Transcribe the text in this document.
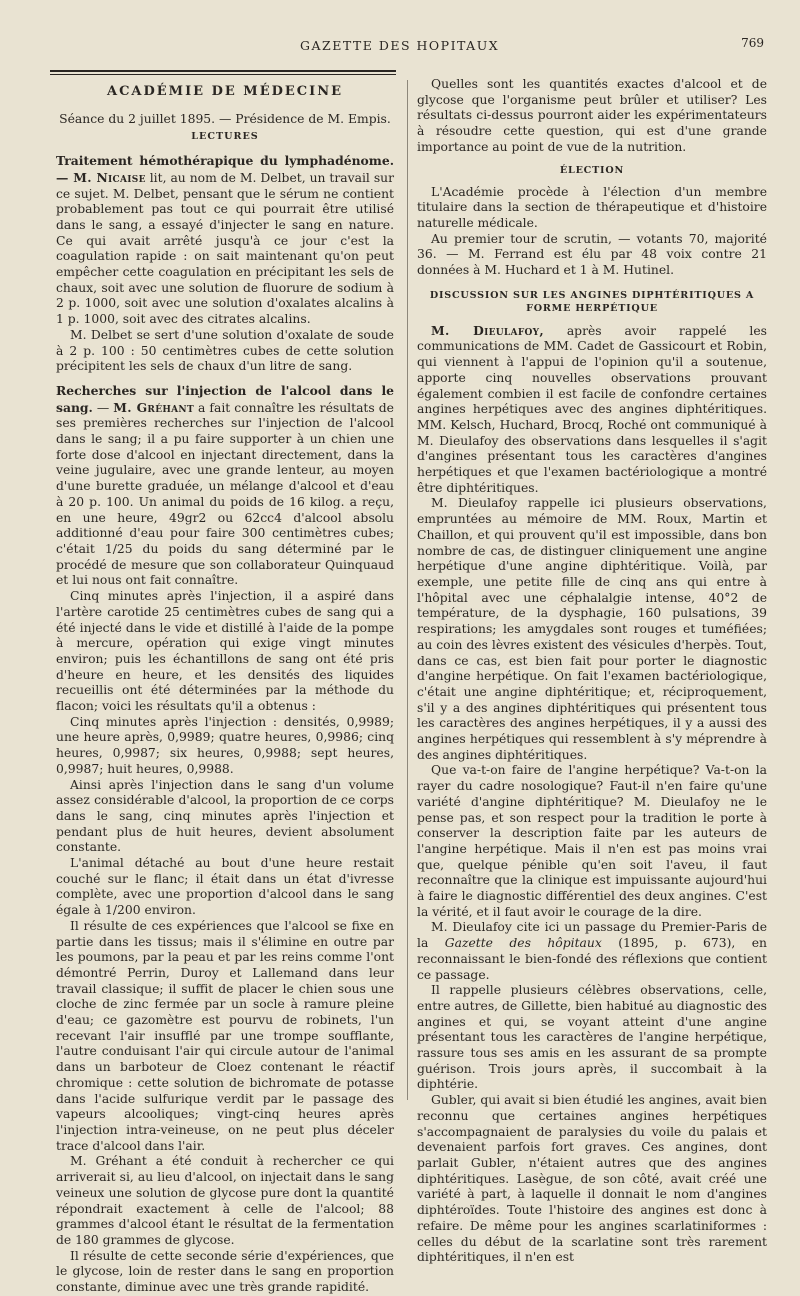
GAZETTE DES HOPITAUX	769
ACADÉMIE DE MÉDECINE
Séance du 2 juillet 1895. — Présidence de M. Empis.
LECTURES

Traitement hémothérapique du lymphadénome. — M. Nicaise lit, au nom de M. Delbet, un travail sur ce sujet. M. Delbet, pensant que le sérum ne contient probablement pas tout ce qui pourrait être utilisé dans le sang, a essayé d'injecter le sang en nature. Ce qui avait arrêté jusqu'à ce jour c'est la coagulation rapide : on sait maintenant qu'on peut empêcher cette coagulation en précipitant les sels de chaux, soit avec une solution de fluorure de sodium à 2 p. 1000, soit avec une solution d'oxalates alcalins à 1 p. 1000, soit avec des citrates alcalins.

M. Delbet se sert d'une solution d'oxalate de soude à 2 p. 100 : 50 centimètres cubes de cette solution précipitent les sels de chaux d'un litre de sang.

Recherches sur l'injection de l'alcool dans le sang. — M. Gréhant a fait connaître les résultats de ses premières recherches sur l'injection de l'alcool dans le sang; il a pu faire supporter à un chien une forte dose d'alcool en injectant directement, dans la veine jugulaire, avec une grande lenteur, au moyen d'une burette graduée, un mélange d'alcool et d'eau à 20 p. 100. Un animal du poids de 16 kilog. a reçu, en une heure, 49gr2 ou 62cc4 d'alcool absolu additionné d'eau pour faire 300 centimètres cubes; c'était 1/25 du poids du sang déterminé par le procédé de mesure que son collaborateur Quinquaud et lui nous ont fait connaître.

Cinq minutes après l'injection, il a aspiré dans l'artère carotide 25 centimètres cubes de sang qui a été injecté dans le vide et distillé à l'aide de la pompe à mercure, opération qui exige vingt minutes environ; puis les échantillons de sang ont été pris d'heure en heure, et les densités des liquides recueillis ont été déterminées par la méthode du flacon; voici les résultats qu'il a obtenus :

Cinq minutes après l'injection : densités, 0,9989; une heure après, 0,9989; quatre heures, 0,9986; cinq heures, 0,9987; six heures, 0,9988; sept heures, 0,9987; huit heures, 0,9988.

Ainsi après l'injection dans le sang d'un volume assez considérable d'alcool, la proportion de ce corps dans le sang, cinq minutes après l'injection et pendant plus de huit heures, devient absolument constante.

L'animal détaché au bout d'une heure restait couché sur le flanc; il était dans un état d'ivresse complète, avec une proportion d'alcool dans le sang égale à 1/200 environ.

Il résulte de ces expériences que l'alcool se fixe en partie dans les tissus; mais il s'élimine en outre par les poumons, par la peau et par les reins comme l'ont démontré Perrin, Duroy et Lallemand dans leur travail classique; il suffit de placer le chien sous une cloche de zinc fermée par un socle à ramure pleine d'eau; ce gazomètre est pourvu de robinets, l'un recevant l'air insufflé par une trompe soufflante, l'autre conduisant l'air qui circule autour de l'animal dans un barboteur de Cloez contenant le réactif chromique : cette solution de bichromate de potasse dans l'acide sulfurique verdit par le passage des vapeurs alcooliques; vingt-cinq heures après l'injection intra-veineuse, on ne peut plus déceler trace d'alcool dans l'air.

M. Gréhant a été conduit à rechercher ce qui arriverait si, au lieu d'alcool, on injectait dans le sang veineux une solution de glycose pure dont la quantité répondrait exactement à celle de l'alcool; 88 grammes d'alcool étant le résultat de la fermentation de 180 grammes de glycose.

Il résulte de cette seconde série d'expériences, que le glycose, loin de rester dans le sang en proportion constante, diminue avec une très grande rapidité.

Quelles sont les quantités exactes d'alcool et de glycose que l'organisme peut brûler et utiliser? Les résultats ci-dessus pourront aider les expérimentateurs à résoudre cette question, qui est d'une grande importance au point de vue de la nutrition.

ÉLECTION

L'Académie procède à l'élection d'un membre titulaire dans la section de thérapeutique et d'histoire naturelle médicale.

Au premier tour de scrutin, — votants 70, majorité 36. — M. Ferrand est élu par 48 voix contre 21 données à M. Huchard et 1 à M. Hutinel.

DISCUSSION SUR LES ANGINES DIPHTÉRITIQUES A FORME HERPÉTIQUE

M. Dieulafoy, après avoir rappelé les communications de MM. Cadet de Gassicourt et Robin, qui viennent à l'appui de l'opinion qu'il a soutenue, apporte cinq nouvelles observations prouvant également combien il est facile de confondre certaines angines herpétiques avec des angines diphtéritiques. MM. Kelsch, Huchard, Brocq, Roché ont communiqué à M. Dieulafoy des observations dans lesquelles il s'agit d'angines présentant tous les caractères d'angines herpétiques et que l'examen bactériologique a montré être diphtéritiques.

M. Dieulafoy rappelle ici plusieurs observations, empruntées au mémoire de MM. Roux, Martin et Chaillon, et qui prouvent qu'il est impossible, dans bon nombre de cas, de distinguer cliniquement une angine herpétique d'une angine diphtéritique. Voilà, par exemple, une petite fille de cinq ans qui entre à l'hôpital avec une céphalalgie intense, 40°2 de température, de la dysphagie, 160 pulsations, 39 respirations; les amygdales sont rouges et tuméfiées; au coin des lèvres existent des vésicules d'herpès. Tout, dans ce cas, est bien fait pour porter le diagnostic d'angine herpétique. On fait l'examen bactériologique, c'était une angine diphtéritique; et, réciproquement, s'il y a des angines diphtéritiques qui présentent tous les caractères des angines herpétiques, il y a aussi des angines herpétiques qui ressemblent à s'y méprendre à des angines diphtéritiques.

Que va-t-on faire de l'angine herpétique? Va-t-on la rayer du cadre nosologique? Faut-il n'en faire qu'une variété d'angine diphtéritique? M. Dieulafoy ne le pense pas, et son respect pour la tradition le porte à conserver la description faite par les auteurs de l'angine herpétique. Mais il n'en est pas moins vrai que, quelque pénible qu'en soit l'aveu, il faut reconnaître que la clinique est impuissante aujourd'hui à faire le diagnostic différentiel des deux angines. C'est la vérité, et il faut avoir le courage de la dire.

M. Dieulafoy cite ici un passage du Premier-Paris de la Gazette des hôpitaux (1895, p. 673), en reconnaissant le bien-fondé des réflexions que contient ce passage.

Il rappelle plusieurs célèbres observations, celle, entre autres, de Gillette, bien habitué au diagnostic des angines et qui, se voyant atteint d'une angine présentant tous les caractères de l'angine herpétique, rassure tous ses amis en les assurant de sa prompte guérison. Trois jours après, il succombait à la diphtérie.

Gubler, qui avait si bien étudié les angines, avait bien reconnu que certaines angines herpétiques s'accompagnaient de paralysies du voile du palais et devenaient parfois fort graves. Ces angines, dont parlait Gubler, n'étaient autres que des angines diphtéritiques. Lasègue, de son côté, avait créé une variété à part, à laquelle il donnait le nom d'angines diphtéroïdes. Toute l'histoire des angines est donc à refaire. De même pour les angines scarlatiniformes : celles du début de la scarlatine sont très rarement diphtéritiques, il n'en est
